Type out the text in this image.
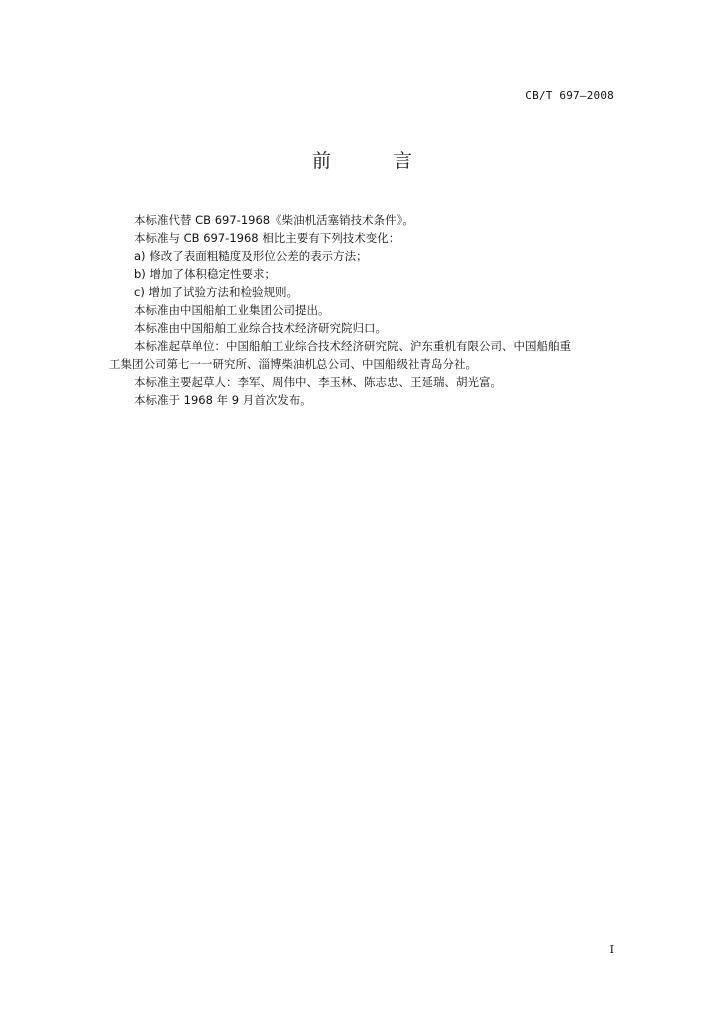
CB/T 697—2008
前 言

本标准代替 CB 697-1968《柴油机活塞销技术条件》。

本标准与 CB 697-1968 相比主要有下列技术变化：

a) 修改了表面粗糙度及形位公差的表示方法；

b) 增加了体积稳定性要求；

c) 增加了试验方法和检验规则。

本标准由中国船舶工业集团公司提出。

本标准由中国船舶工业综合技术经济研究院归口。

本标准起草单位：中国船舶工业综合技术经济研究院、沪东重机有限公司、中国船舶重
工集团公司第七一一研究所、淄博柴油机总公司、中国船级社青岛分社。

本标准主要起草人：李军、周伟中、李玉林、陈志忠、王延瑞、胡光富。

本标准于 1968 年 9 月首次发布。

I
